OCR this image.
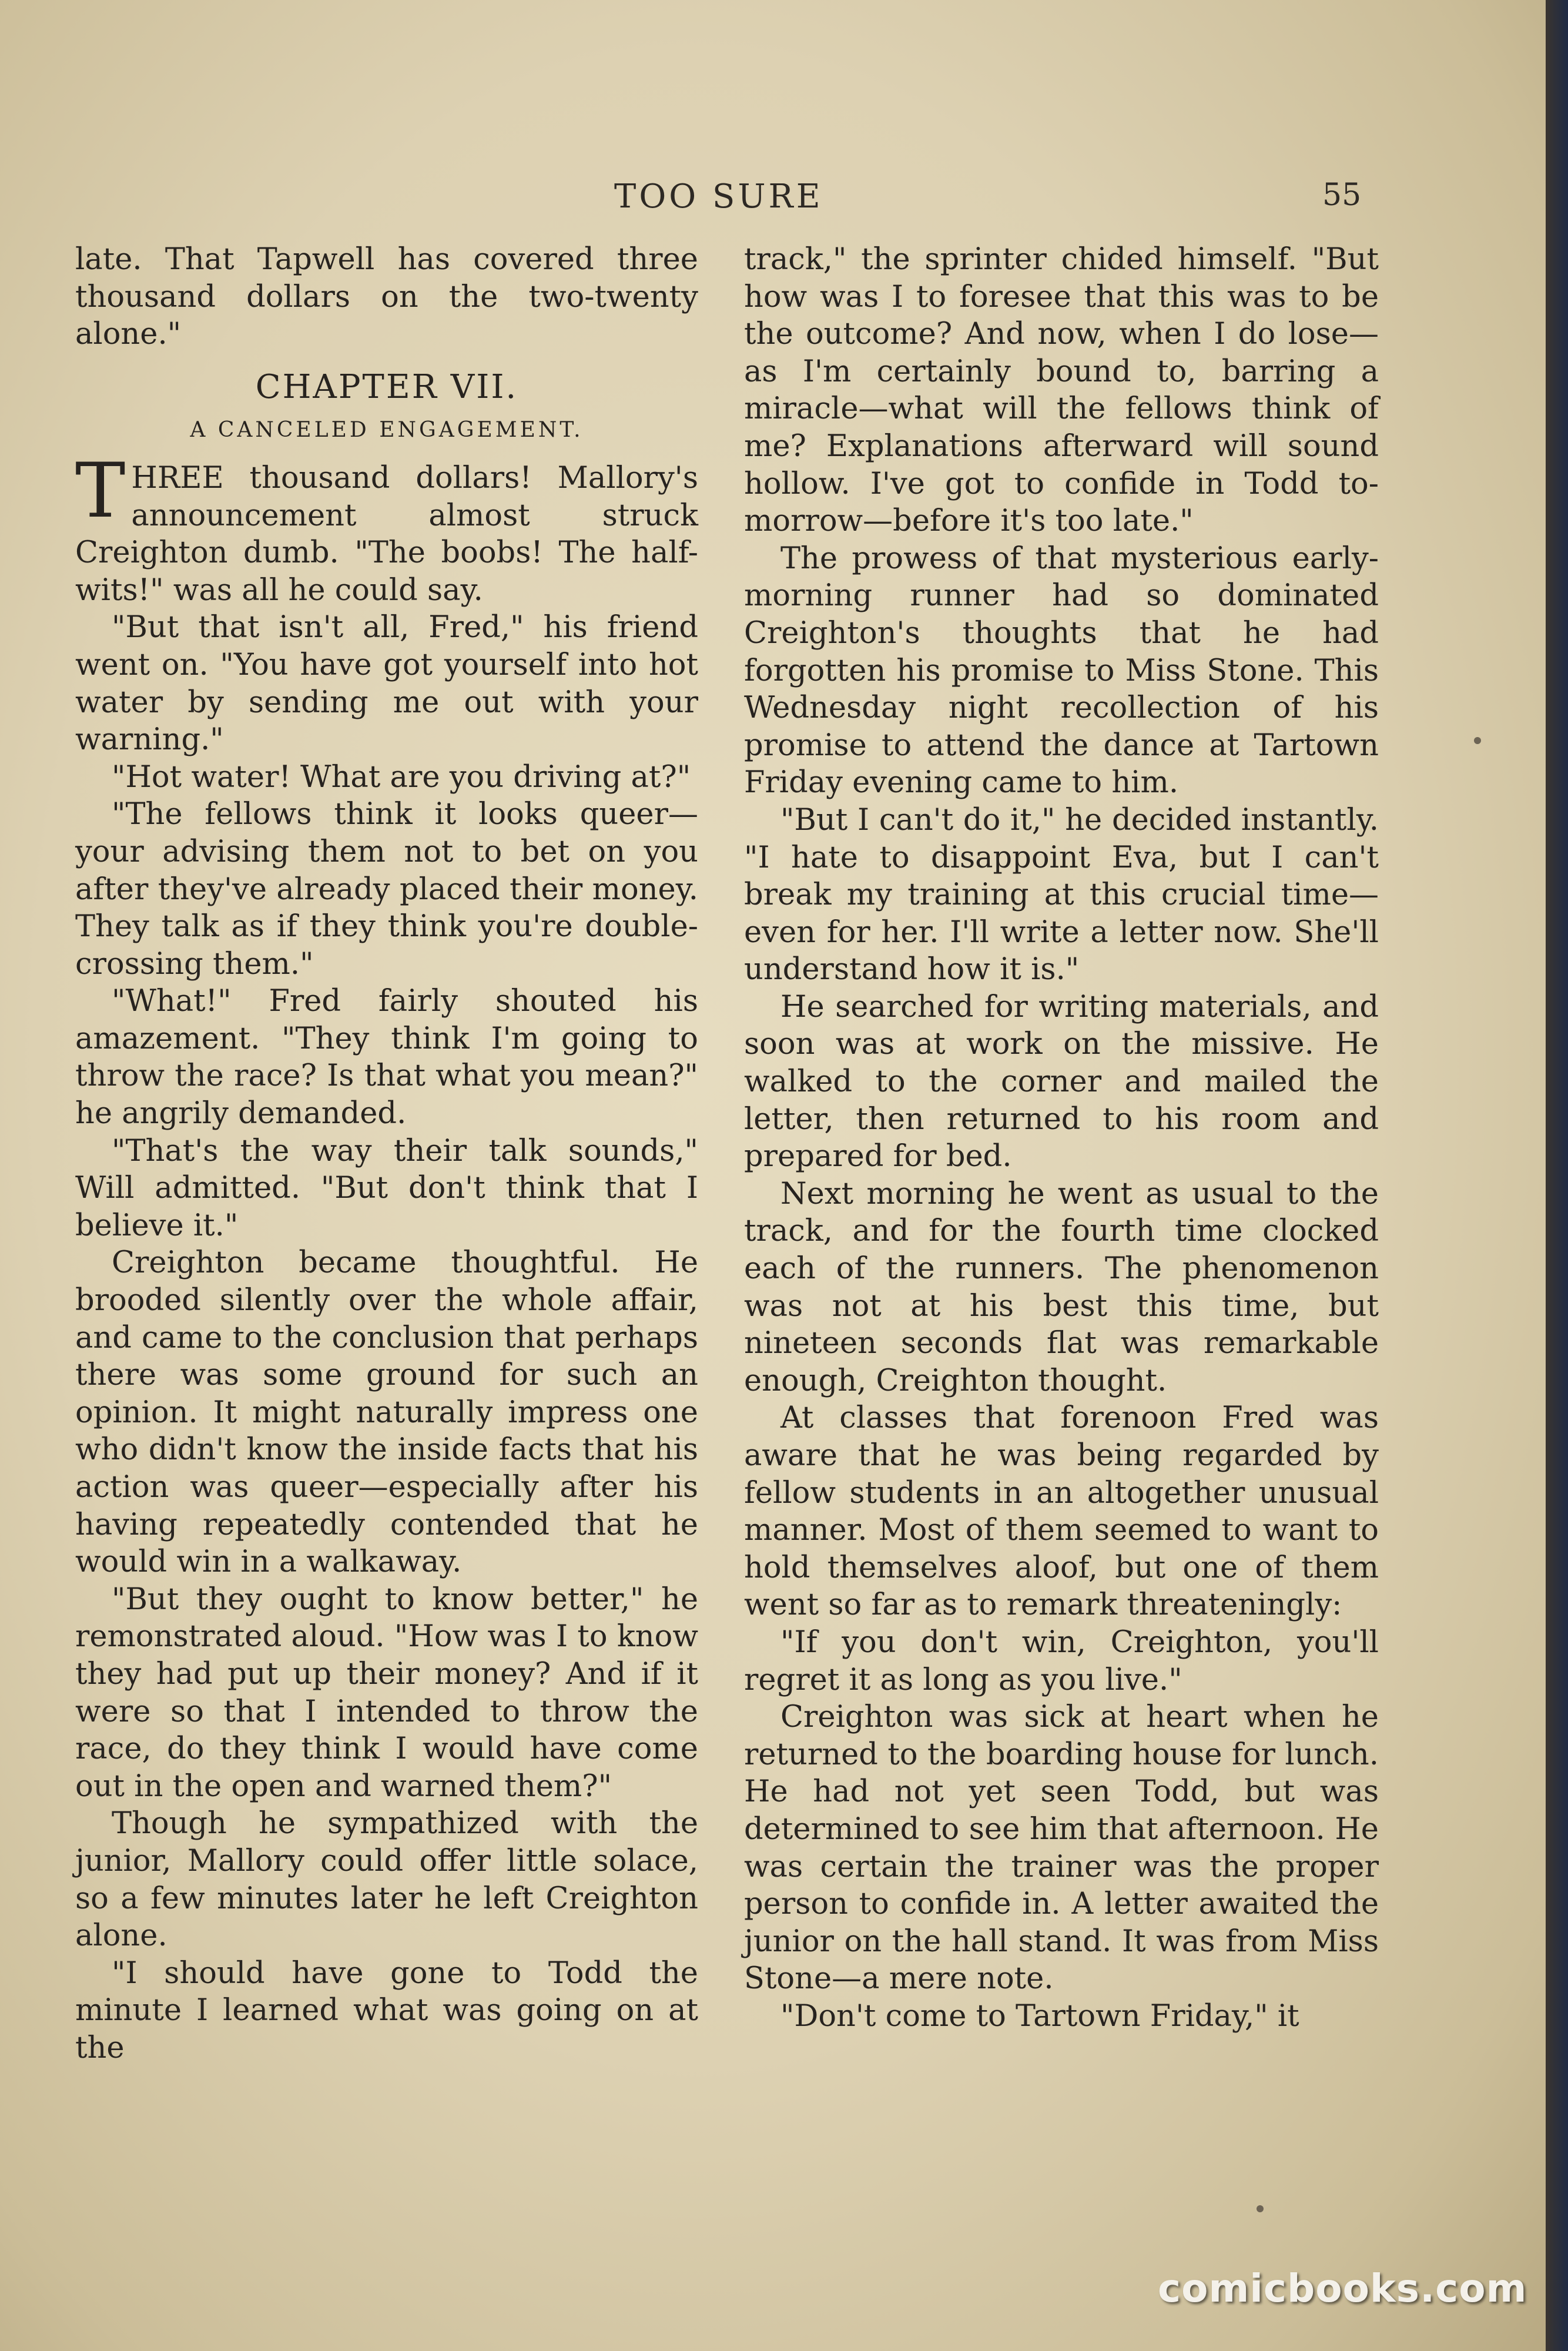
TOO SURE	55

late. That Tapwell has covered three thousand dollars on the two-twenty alone."

CHAPTER VII.
A CANCELED ENGAGEMENT.

THREE thousand dollars! Mallory's announcement almost struck Creighton dumb. "The boobs! The half-wits!" was all he could say.

"But that isn't all, Fred," his friend went on. "You have got yourself into hot water by sending me out with your warning."

"Hot water! What are you driving at?"

"The fellows think it looks queer—your advising them not to bet on you after they've already placed their money. They talk as if they think you're double-crossing them."

"What!" Fred fairly shouted his amazement. "They think I'm going to throw the race? Is that what you mean?" he angrily demanded.

"That's the way their talk sounds," Will admitted. "But don't think that I believe it."

Creighton became thoughtful. He brooded silently over the whole affair, and came to the conclusion that perhaps there was some ground for such an opinion. It might naturally impress one who didn't know the inside facts that his action was queer—especially after his having repeatedly contended that he would win in a walkaway.

"But they ought to know better," he remonstrated aloud. "How was I to know they had put up their money? And if it were so that I intended to throw the race, do they think I would have come out in the open and warned them?"

Though he sympathized with the junior, Mallory could offer little solace, so a few minutes later he left Creighton alone.

"I should have gone to Todd the minute I learned what was going on at the

track," the sprinter chided himself. "But how was I to foresee that this was to be the outcome? And now, when I do lose—as I'm certainly bound to, barring a miracle—what will the fellows think of me? Explanations afterward will sound hollow. I've got to confide in Todd to-morrow—before it's too late."

The prowess of that mysterious early-morning runner had so dominated Creighton's thoughts that he had forgotten his promise to Miss Stone. This Wednesday night recollection of his promise to attend the dance at Tartown Friday evening came to him.

"But I can't do it," he decided instantly. "I hate to disappoint Eva, but I can't break my training at this crucial time—even for her. I'll write a letter now. She'll understand how it is."

He searched for writing materials, and soon was at work on the missive. He walked to the corner and mailed the letter, then returned to his room and prepared for bed.

Next morning he went as usual to the track, and for the fourth time clocked each of the runners. The phenomenon was not at his best this time, but nineteen seconds flat was remarkable enough, Creighton thought.

At classes that forenoon Fred was aware that he was being regarded by fellow students in an altogether unusual manner. Most of them seemed to want to hold themselves aloof, but one of them went so far as to remark threateningly:

"If you don't win, Creighton, you'll regret it as long as you live."

Creighton was sick at heart when he returned to the boarding house for lunch. He had not yet seen Todd, but was determined to see him that afternoon. He was certain the trainer was the proper person to confide in. A letter awaited the junior on the hall stand. It was from Miss Stone—a mere note.

"Don't come to Tartown Friday," it

comicbooks.com
